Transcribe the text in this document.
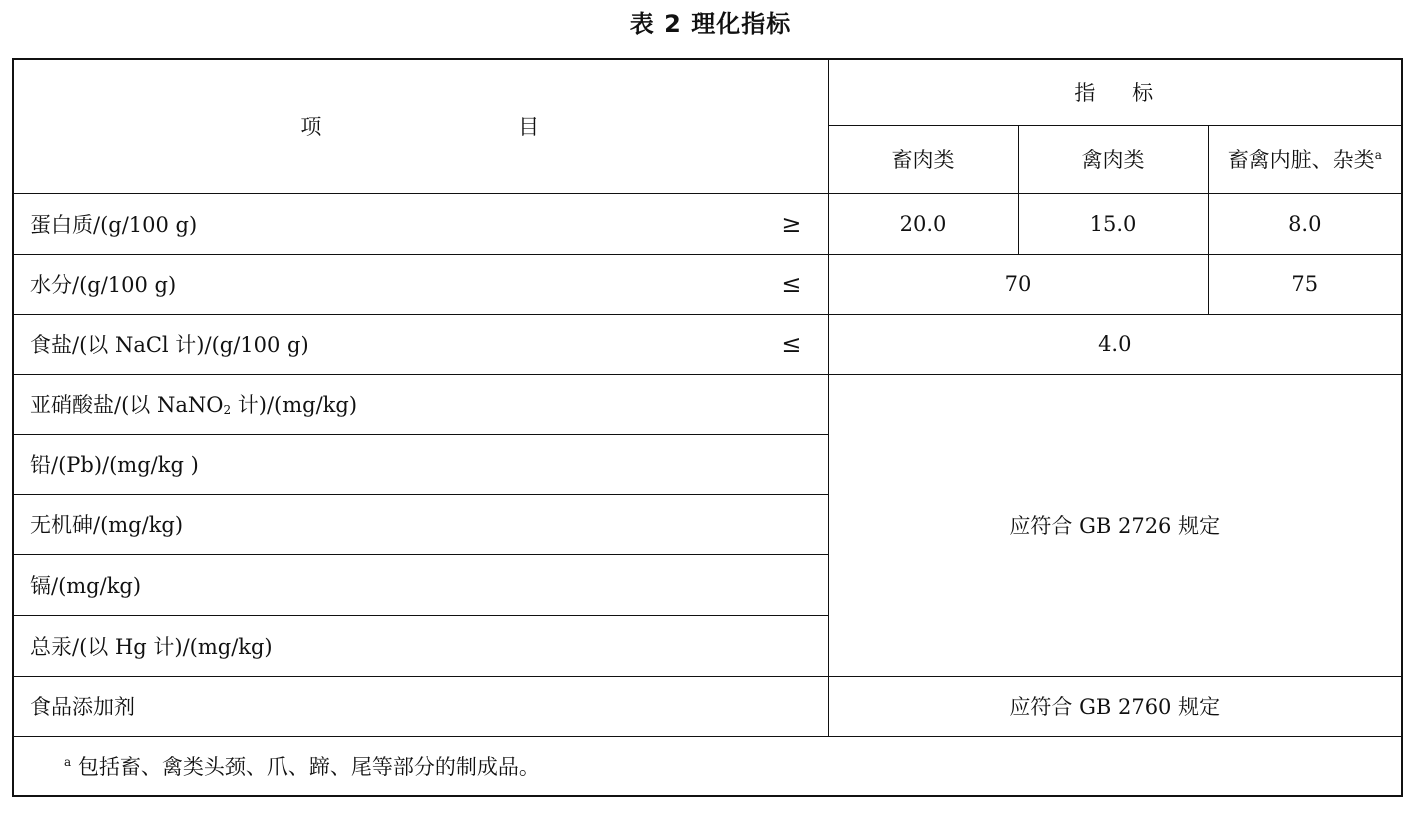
表 2 理化指标
项    目	指    标		
	畜肉类	禽肉类	畜禽内脏、杂类$^a$

蛋白质/(g/100 g) ≥	20.0	15.0	8.0

水分/(g/100 g) ≤	70		75

食盐/(以 NaCl 计)/(g/100 g) ≤	4.0		
亚硝酸盐/(以 NaNO2 计)/(mg/kg)	应符合 GB 2726 规定		
铅/(Pb)/(mg/kg )			
无机砷/(mg/kg)			
镉/(mg/kg)			
总汞/(以 Hg 计)/(mg/kg)			
食品添加剂	应符合 GB 2760 规定		
$^a$ 包括畜、禽类头颈、爪、蹄、尾等部分的制成品。			
